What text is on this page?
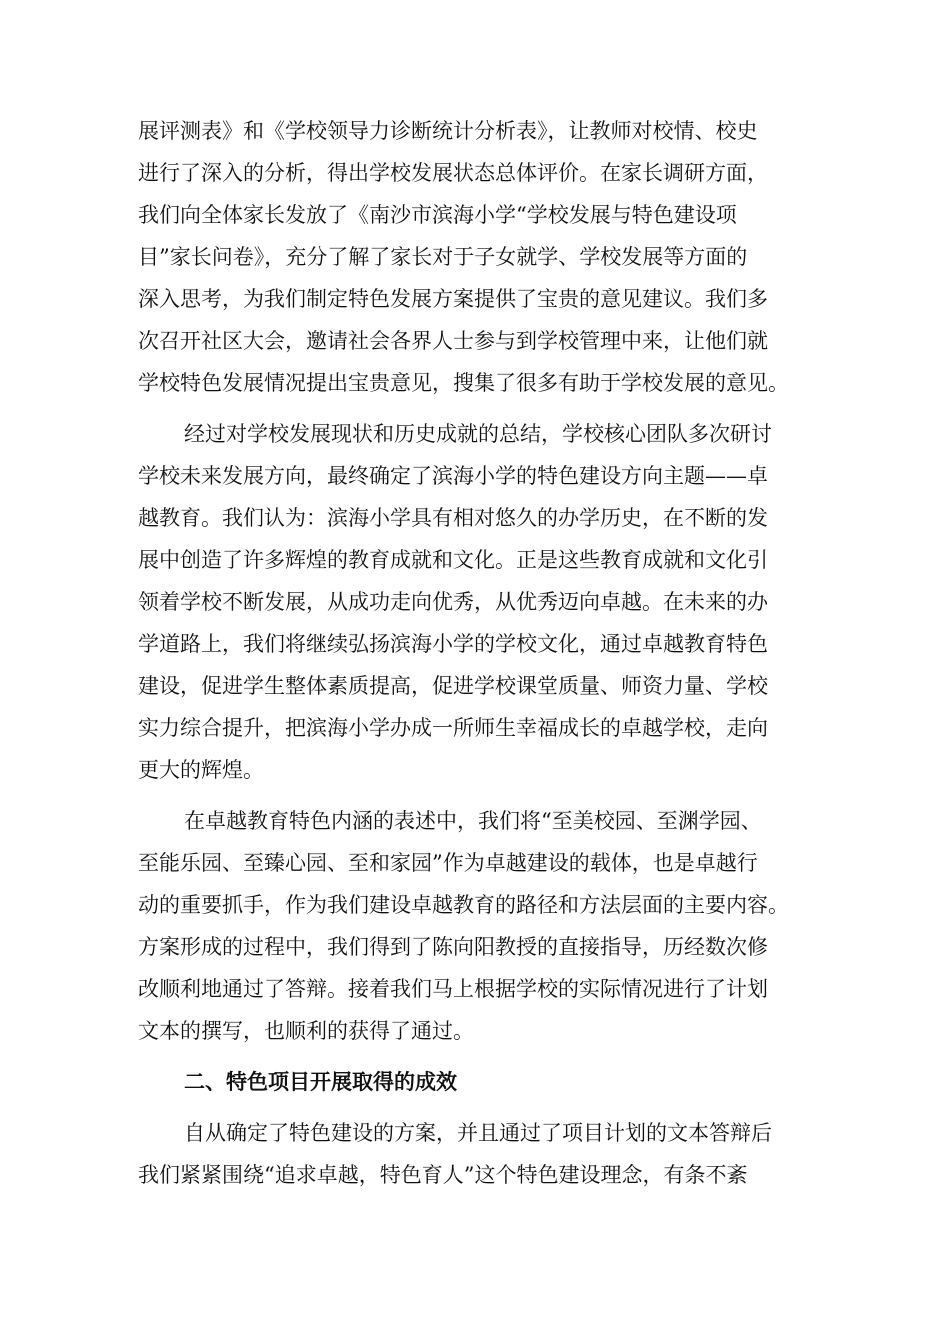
展评测表》和《学校领导力诊断统计分析表》，让教师对校情、校史
进行了深入的分析，得出学校发展状态总体评价。在家长调研方面，
我们向全体家长发放了《南沙市滨海小学“学校发展与特色建设项
目”家长问卷》，充分了解了家长对于子女就学、学校发展等方面的
深入思考，为我们制定特色发展方案提供了宝贵的意见建议。我们多
次召开社区大会，邀请社会各界人士参与到学校管理中来，让他们就
学校特色发展情况提出宝贵意见，搜集了很多有助于学校发展的意见。
经过对学校发展现状和历史成就的总结，学校核心团队多次研讨
学校未来发展方向，最终确定了滨海小学的特色建设方向主题——卓
越教育。我们认为：滨海小学具有相对悠久的办学历史，在不断的发
展中创造了许多辉煌的教育成就和文化。正是这些教育成就和文化引
领着学校不断发展，从成功走向优秀，从优秀迈向卓越。在未来的办
学道路上，我们将继续弘扬滨海小学的学校文化，通过卓越教育特色
建设，促进学生整体素质提高，促进学校课堂质量、师资力量、学校
实力综合提升，把滨海小学办成一所师生幸福成长的卓越学校，走向
更大的辉煌。
在卓越教育特色内涵的表述中，我们将“至美校园、至渊学园、
至能乐园、至臻心园、至和家园”作为卓越建设的载体，也是卓越行
动的重要抓手，作为我们建设卓越教育的路径和方法层面的主要内容。
方案形成的过程中，我们得到了陈向阳教授的直接指导，历经数次修
改顺利地通过了答辩。接着我们马上根据学校的实际情况进行了计划
文本的撰写，也顺利的获得了通过。
二、特色项目开展取得的成效
自从确定了特色建设的方案，并且通过了项目计划的文本答辩后
我们紧紧围绕“追求卓越，特色育人”这个特色建设理念，有条不紊
